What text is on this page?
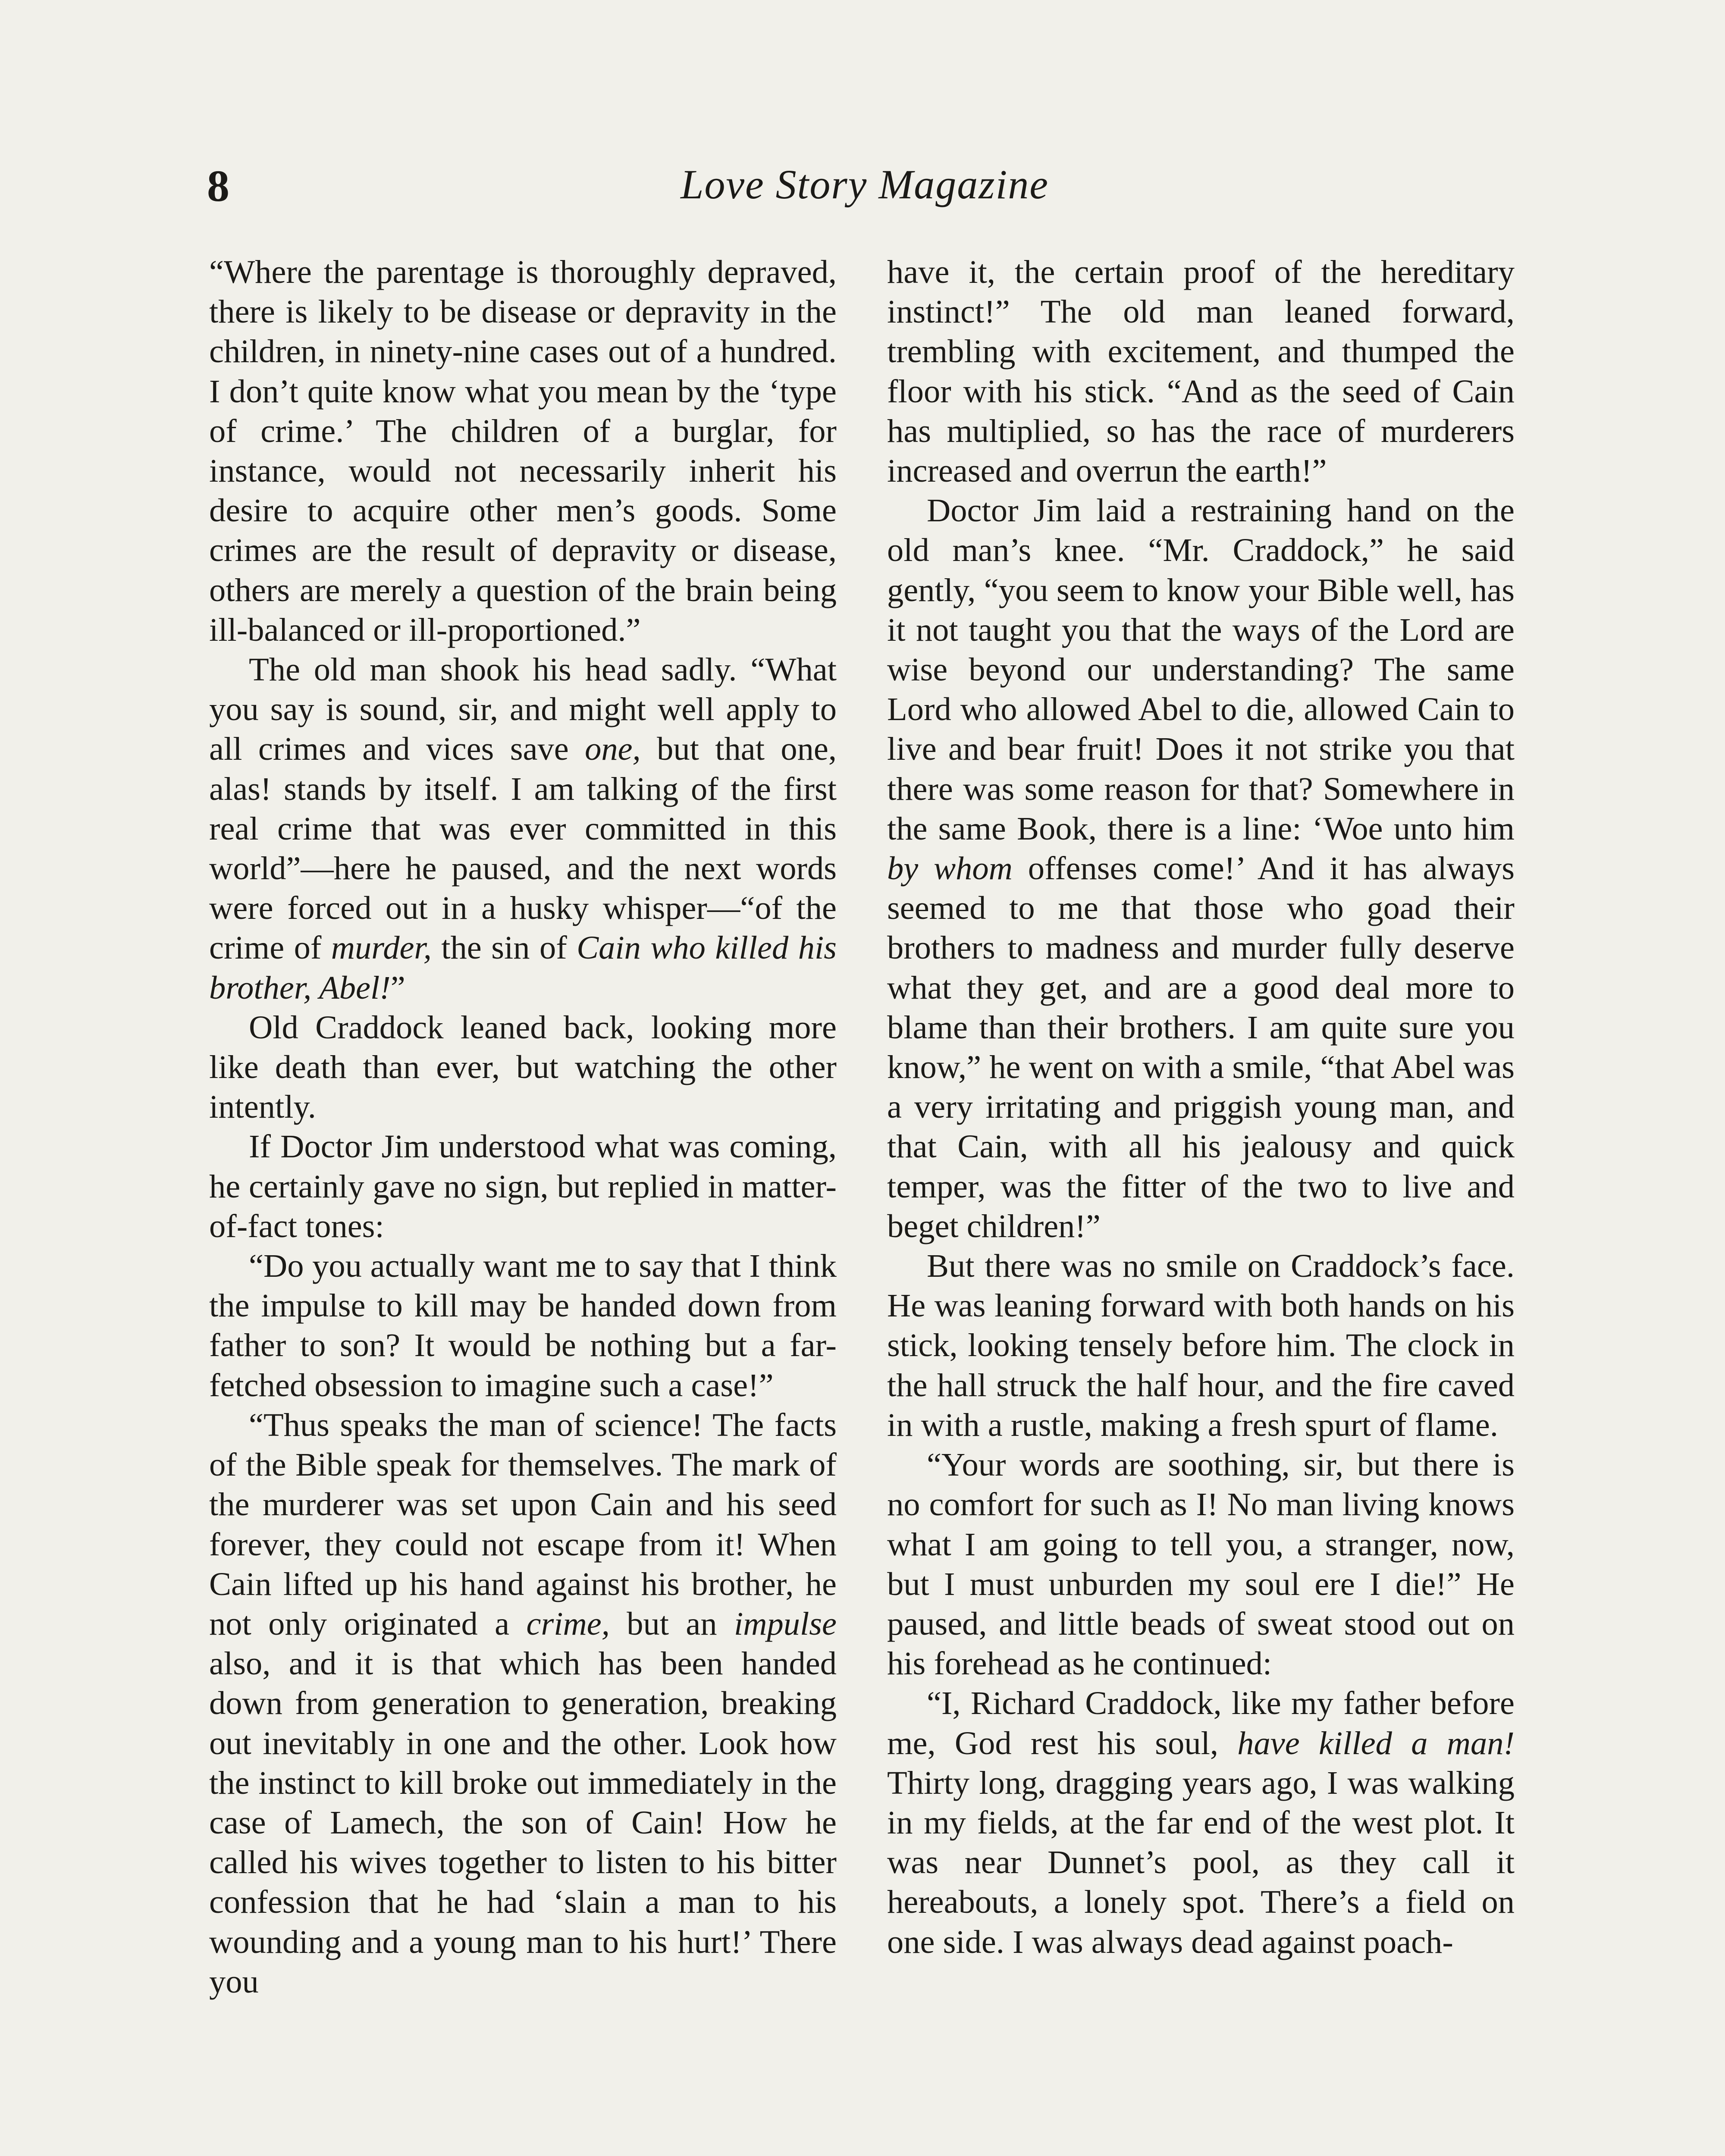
8	Love Story Magazine

“Where the parentage is thoroughly depraved, there is likely to be disease or depravity in the children, in ninety-nine cases out of a hundred. I don’t quite know what you mean by the ‘type of crime.’ The children of a burglar, for instance, would not necessarily inherit his desire to acquire other men’s goods. Some crimes are the result of depravity or disease, others are merely a question of the brain being ill-balanced or ill-proportioned.”

The old man shook his head sadly. “What you say is sound, sir, and might well apply to all crimes and vices save one, but that one, alas! stands by itself. I am talking of the first real crime that was ever committed in this world”—here he paused, and the next words were forced out in a husky whisper—“of the crime of murder, the sin of Cain who killed his brother, Abel!”

Old Craddock leaned back, looking more like death than ever, but watching the other intently.

If Doctor Jim understood what was coming, he certainly gave no sign, but replied in matter-of-fact tones:

“Do you actually want me to say that I think the impulse to kill may be handed down from father to son? It would be nothing but a far-fetched obsession to imagine such a case!”

“Thus speaks the man of science! The facts of the Bible speak for themselves. The mark of the murderer was set upon Cain and his seed forever, they could not escape from it! When Cain lifted up his hand against his brother, he not only originated a crime, but an impulse also, and it is that which has been handed down from generation to generation, breaking out inevitably in one and the other. Look how the instinct to kill broke out immediately in the case of Lamech, the son of Cain! How he called his wives together to listen to his bitter confession that he had ‘slain a man to his wounding and a young man to his hurt!’ There you

have it, the certain proof of the hereditary instinct!” The old man leaned forward, trembling with excitement, and thumped the floor with his stick. “And as the seed of Cain has multiplied, so has the race of murderers increased and overrun the earth!”

Doctor Jim laid a restraining hand on the old man’s knee. “Mr. Craddock,” he said gently, “you seem to know your Bible well, has it not taught you that the ways of the Lord are wise beyond our understanding? The same Lord who allowed Abel to die, allowed Cain to live and bear fruit! Does it not strike you that there was some reason for that? Somewhere in the same Book, there is a line: ‘Woe unto him by whom offenses come!’ And it has always seemed to me that those who goad their brothers to madness and murder fully deserve what they get, and are a good deal more to blame than their brothers. I am quite sure you know,” he went on with a smile, “that Abel was a very irritating and priggish young man, and that Cain, with all his jealousy and quick temper, was the fitter of the two to live and beget children!”

But there was no smile on Craddock’s face. He was leaning forward with both hands on his stick, looking tensely before him. The clock in the hall struck the half hour, and the fire caved in with a rustle, making a fresh spurt of flame.

“Your words are soothing, sir, but there is no comfort for such as I! No man living knows what I am going to tell you, a stranger, now, but I must unburden my soul ere I die!” He paused, and little beads of sweat stood out on his forehead as he continued:

“I, Richard Craddock, like my father before me, God rest his soul, have killed a man! Thirty long, dragging years ago, I was walking in my fields, at the far end of the west plot. It was near Dunnet’s pool, as they call it hereabouts, a lonely spot. There’s a field on one side. I was always dead against poach-
